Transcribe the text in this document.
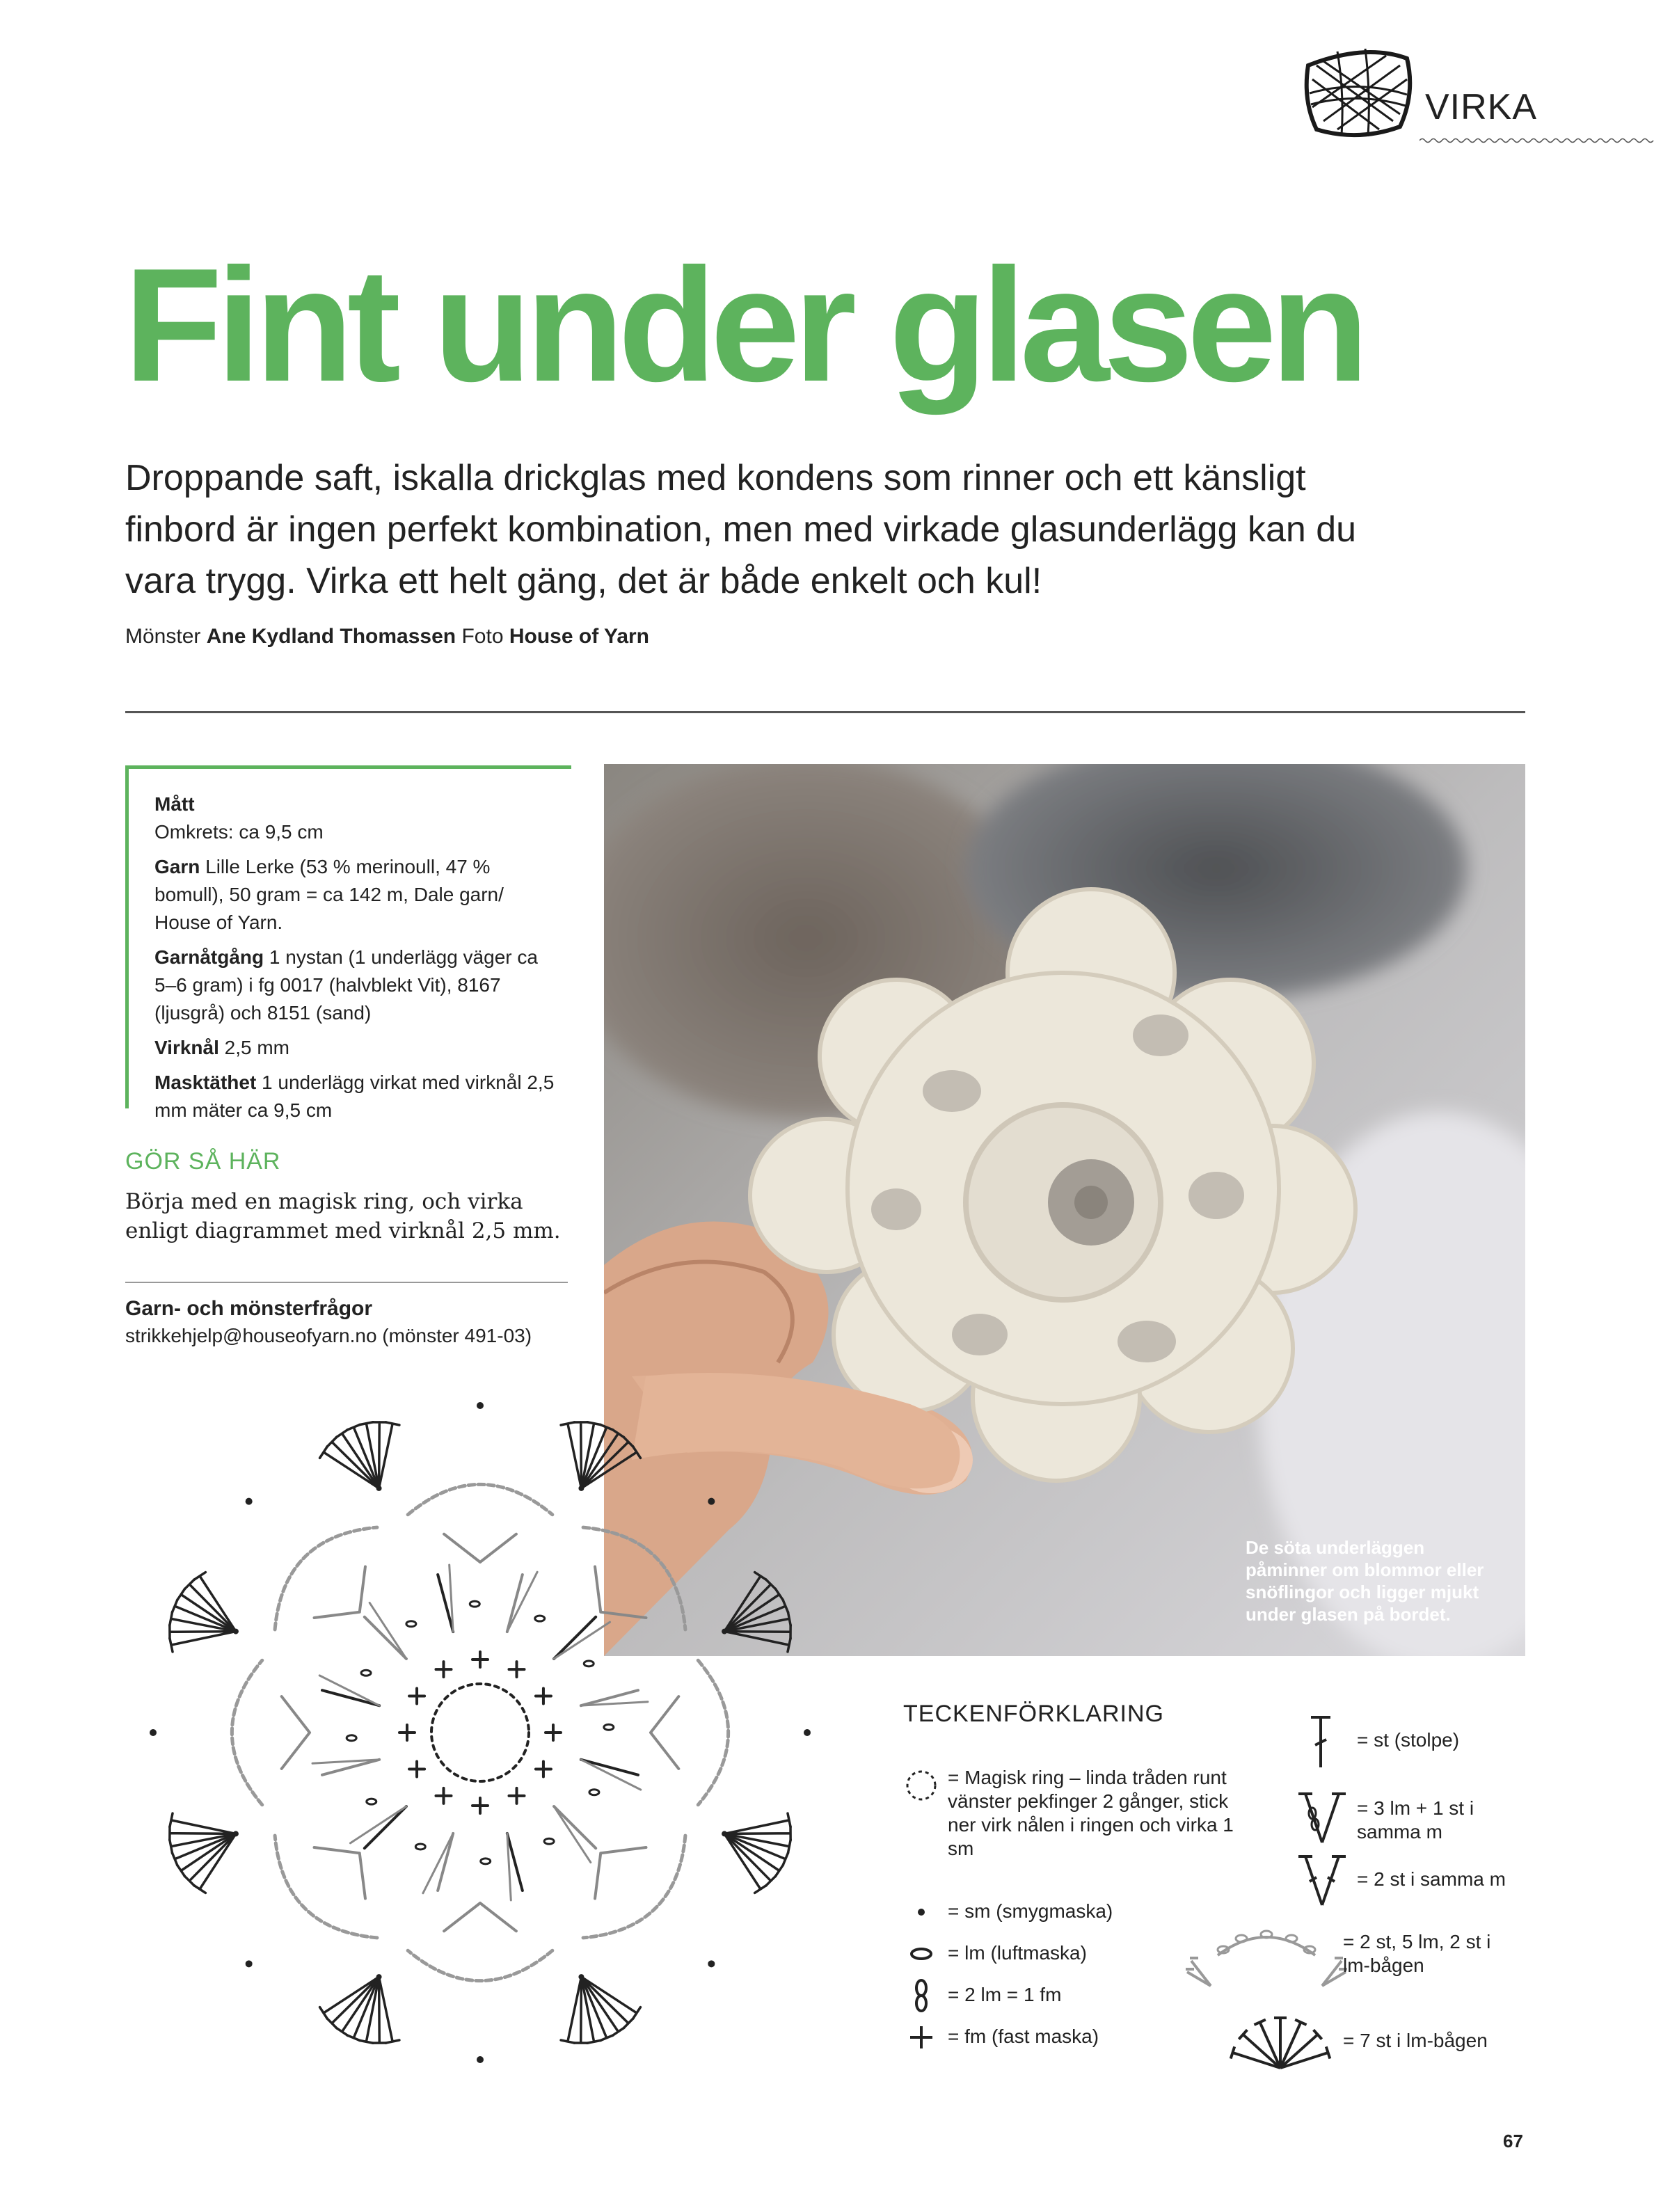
VIRKA
Fint under glasen
Droppande saft, iskalla drickglas med kondens som rinner och ett känsligt finbord är ingen perfekt kombination, men med virkade glasunderlägg kan du vara trygg. Virka ett helt gäng, det är både enkelt och kul!
Mönster Ane Kydland Thomassen Foto House of Yarn

Mått
Omkrets: ca 9,5 cm

Garn Lille Lerke (53 % merinoull, 47 % bomull), 50 gram = ca 142 m, Dale garn/ House of Yarn.

Garnåtgång 1 nystan (1 underlägg väger ca 5–6 gram) i fg 0017 (halvblekt Vit), 8167 (ljusgrå) och 8151 (sand)

Virknål 2,5 mm

Masktäthet 1 underlägg virkat med virknål 2,5 mm mäter ca 9,5 cm

GÖR SÅ HÄR
Börja med en magisk ring, och virka enligt diagrammet med virknål 2,5 mm.
Garn- och mönsterfrågor
strikkehjelp@houseofyarn.no (mönster 491-03)
De söta underläggen påminner om blommor eller snöflingor och ligger mjukt under glasen på bordet.
TECKENFÖRKLARING
= Magisk ring – linda tråden runt vänster pekfinger 2 gånger, stick ner virk nålen i ringen och virka 1 sm
= sm (smygmaska)
= lm (luftmaska)
= 2 lm = 1 fm
= fm (fast maska)
= st (stolpe)
= 3 lm + 1 st i samma m
= 2 st i samma m
= 2 st, 5 lm, 2 st i lm-bågen
= 7 st i lm-bågen
67
